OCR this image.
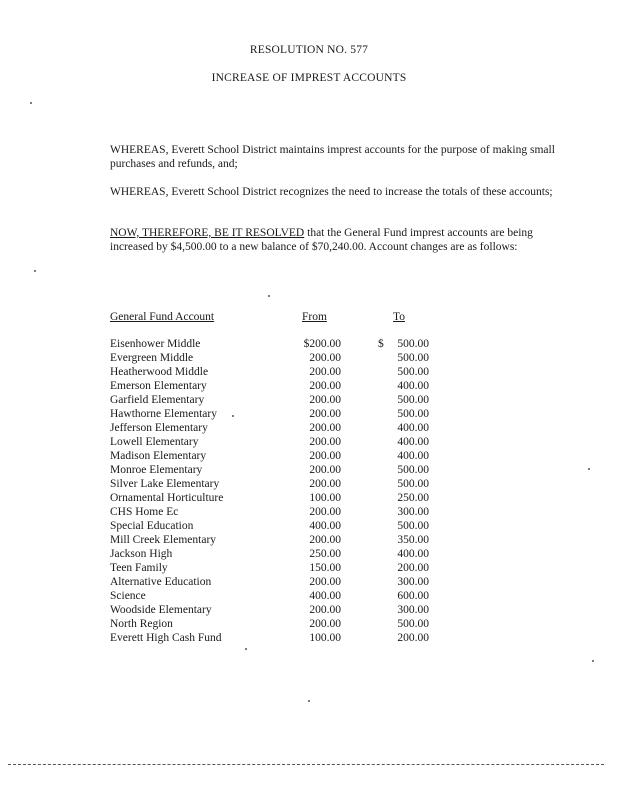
RESOLUTION NO. 577
INCREASE OF IMPREST ACCOUNTS
WHEREAS, Everett School District maintains imprest accounts for the purpose of making small purchases and refunds, and;
WHEREAS, Everett School District recognizes the need to increase the totals of these accounts;
NOW, THEREFORE, BE IT RESOLVED that the General Fund imprest accounts are being increased by $4,500.00 to a new balance of $70,240.00. Account changes are as follows:
General Fund Account	From	To
Eisenhower Middle	$200.00	$ 500.00
Evergreen Middle	200.00	500.00
Heatherwood Middle	200.00	500.00
Emerson Elementary	200.00	400.00
Garfield Elementary	200.00	500.00
Hawthorne Elementary	200.00	500.00
Jefferson Elementary	200.00	400.00
Lowell Elementary	200.00	400.00
Madison Elementary	200.00	400.00
Monroe Elementary	200.00	500.00
Silver Lake Elementary	200.00	500.00
Ornamental Horticulture	100.00	250.00
CHS Home Ec	200.00	300.00
Special Education	400.00	500.00
Mill Creek Elementary	200.00	350.00
Jackson High	250.00	400.00
Teen Family	150.00	200.00
Alternative Education	200.00	300.00
Science	400.00	600.00
Woodside Elementary	200.00	300.00
North Region	200.00	500.00
Everett High Cash Fund	100.00	200.00
